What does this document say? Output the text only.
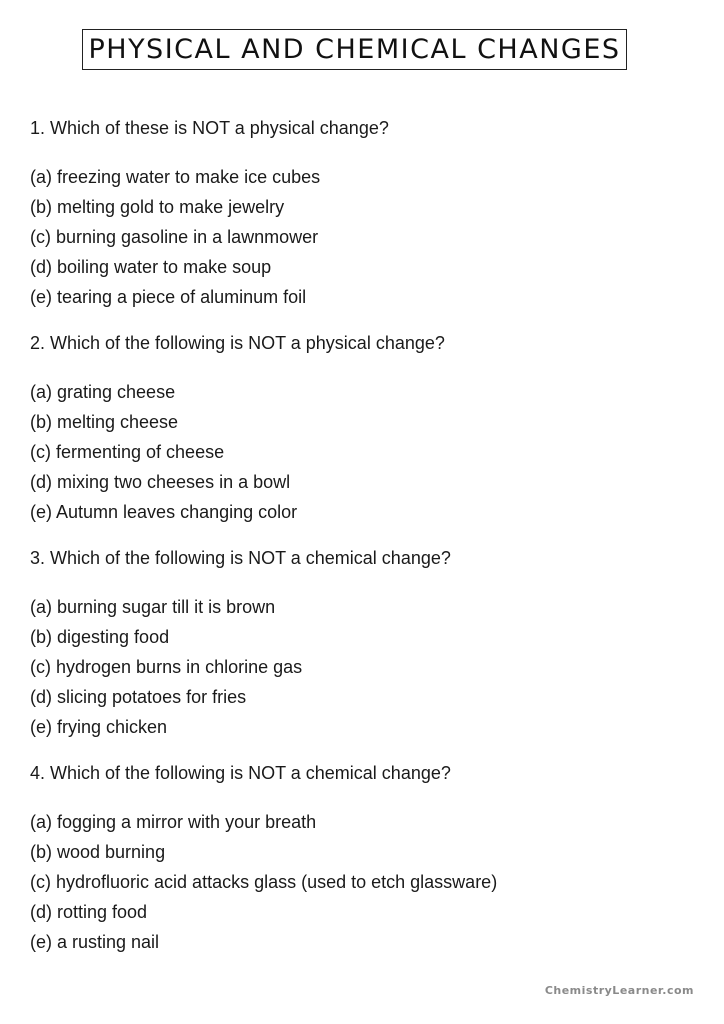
PHYSICAL AND CHEMICAL CHANGES

1. Which of these is NOT a physical change?

(a) freezing water to make ice cubes
(b) melting gold to make jewelry
(c) burning gasoline in a lawnmower
(d) boiling water to make soup
(e) tearing a piece of aluminum foil

2. Which of the following is NOT a physical change?

(a) grating cheese
(b) melting cheese
(c) fermenting of cheese
(d) mixing two cheeses in a bowl
(e) Autumn leaves changing color

3. Which of the following is NOT a chemical change?

(a) burning sugar till it is brown
(b) digesting food
(c) hydrogen burns in chlorine gas
(d) slicing potatoes for fries
(e) frying chicken

4. Which of the following is NOT a chemical change?

(a) fogging a mirror with your breath
(b) wood burning
(c) hydrofluoric acid attacks glass (used to etch glassware)
(d) rotting food
(e) a rusting nail
ChemistryLearner.com
